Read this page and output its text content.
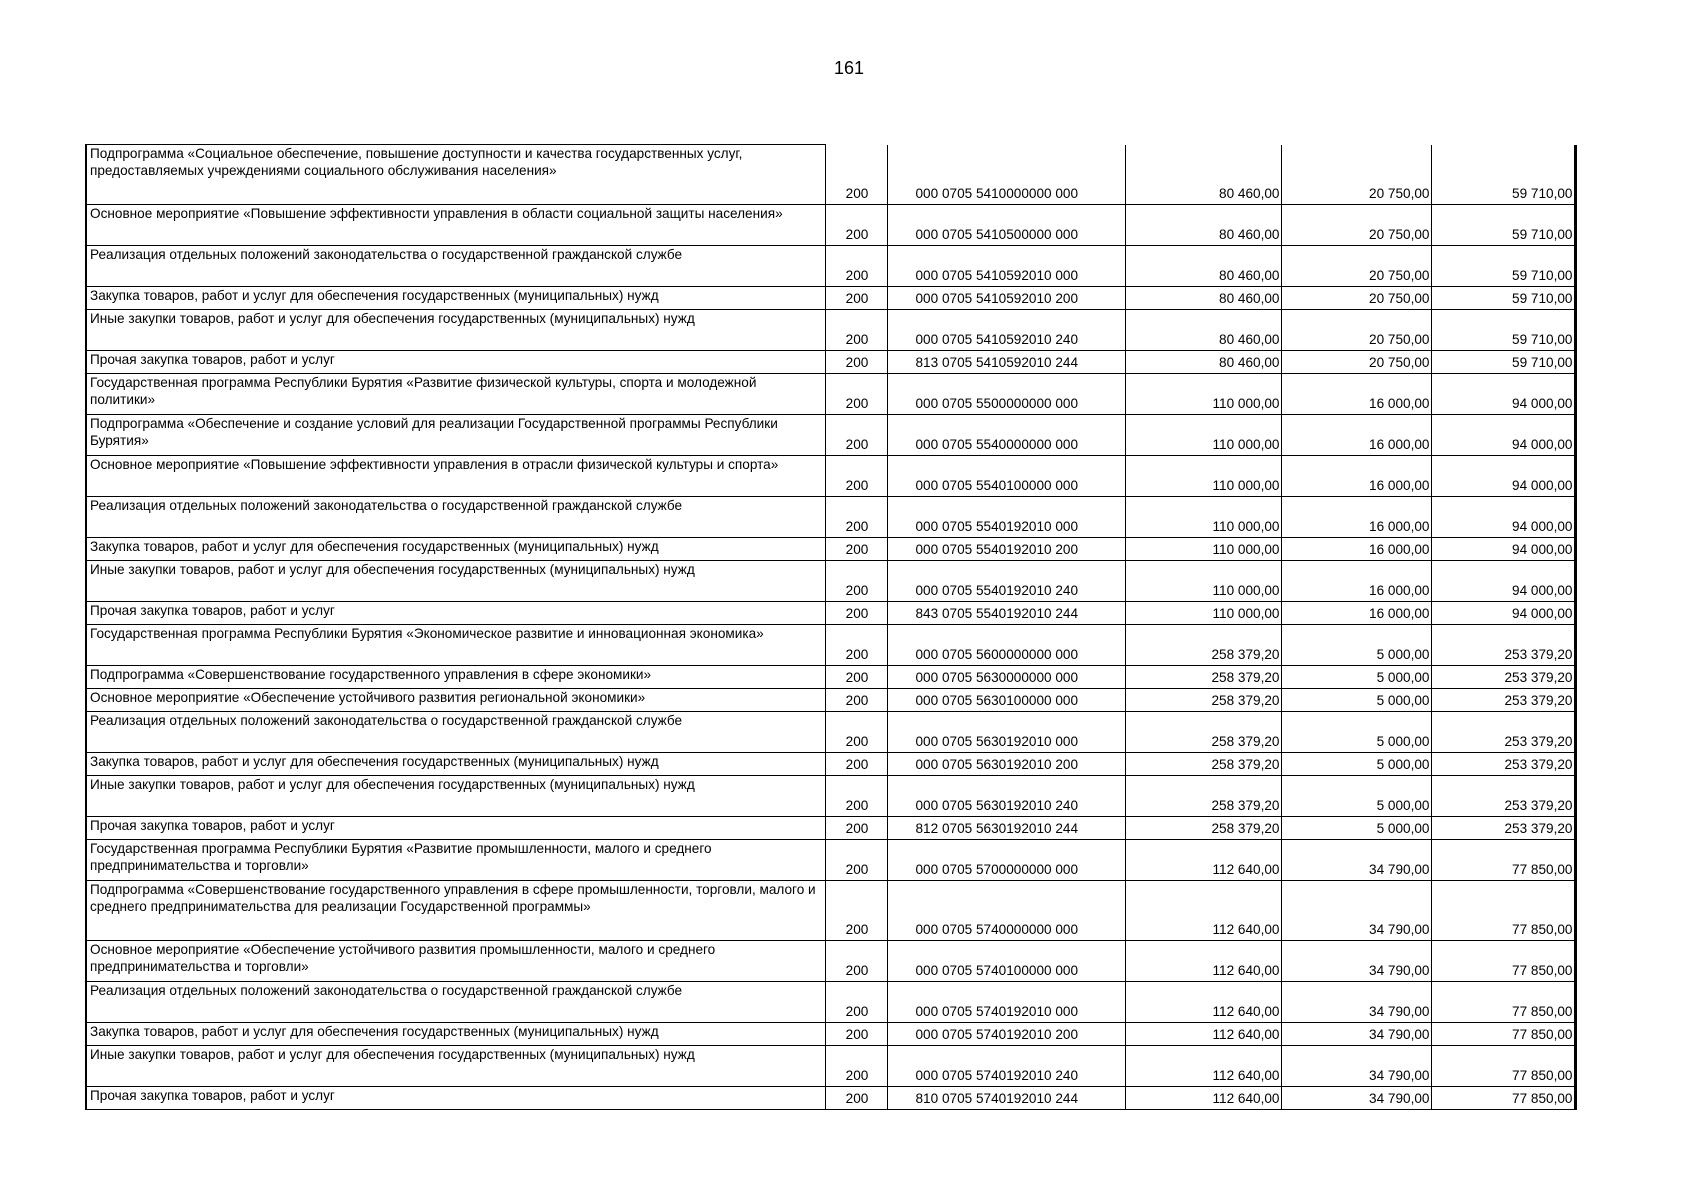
161
Подпрограмма «Социальное обеспечение, повышение доступности и качества государственных услуг, предоставляемых учреждениями социального обслуживания населения»	200	000 0705 5410000000 000	80 460,00	20 750,00	59 710,00
Основное мероприятие «Повышение эффективности управления в области социальной защиты населения»	200	000 0705 5410500000 000	80 460,00	20 750,00	59 710,00
Реализация отдельных положений законодательства о государственной гражданской службе	200	000 0705 5410592010 000	80 460,00	20 750,00	59 710,00
Закупка товаров, работ и услуг для обеспечения государственных (муниципальных) нужд	200	000 0705 5410592010 200	80 460,00	20 750,00	59 710,00
Иные закупки товаров, работ и услуг для обеспечения государственных (муниципальных) нужд	200	000 0705 5410592010 240	80 460,00	20 750,00	59 710,00
Прочая закупка товаров, работ и услуг	200	813 0705 5410592010 244	80 460,00	20 750,00	59 710,00
Государственная программа Республики Бурятия «Развитие физической культуры, спорта и молодежной политики»	200	000 0705 5500000000 000	110 000,00	16 000,00	94 000,00
Подпрограмма «Обеспечение и создание условий для реализации Государственной программы Республики Бурятия»	200	000 0705 5540000000 000	110 000,00	16 000,00	94 000,00
Основное мероприятие «Повышение эффективности управления в отрасли физической культуры и спорта»	200	000 0705 5540100000 000	110 000,00	16 000,00	94 000,00
Реализация отдельных положений законодательства о государственной гражданской службе	200	000 0705 5540192010 000	110 000,00	16 000,00	94 000,00
Закупка товаров, работ и услуг для обеспечения государственных (муниципальных) нужд	200	000 0705 5540192010 200	110 000,00	16 000,00	94 000,00
Иные закупки товаров, работ и услуг для обеспечения государственных (муниципальных) нужд	200	000 0705 5540192010 240	110 000,00	16 000,00	94 000,00
Прочая закупка товаров, работ и услуг	200	843 0705 5540192010 244	110 000,00	16 000,00	94 000,00
Государственная программа Республики Бурятия «Экономическое развитие и инновационная экономика»	200	000 0705 5600000000 000	258 379,20	5 000,00	253 379,20
Подпрограмма «Совершенствование государственного управления в сфере экономики»	200	000 0705 5630000000 000	258 379,20	5 000,00	253 379,20
Основное мероприятие «Обеспечение устойчивого развития региональной экономики»	200	000 0705 5630100000 000	258 379,20	5 000,00	253 379,20
Реализация отдельных положений законодательства о государственной гражданской службе	200	000 0705 5630192010 000	258 379,20	5 000,00	253 379,20
Закупка товаров, работ и услуг для обеспечения государственных (муниципальных) нужд	200	000 0705 5630192010 200	258 379,20	5 000,00	253 379,20
Иные закупки товаров, работ и услуг для обеспечения государственных (муниципальных) нужд	200	000 0705 5630192010 240	258 379,20	5 000,00	253 379,20
Прочая закупка товаров, работ и услуг	200	812 0705 5630192010 244	258 379,20	5 000,00	253 379,20
Государственная программа Республики Бурятия «Развитие промышленности, малого и среднего предпринимательства и торговли»	200	000 0705 5700000000 000	112 640,00	34 790,00	77 850,00
Подпрограмма «Совершенствование государственного управления в сфере промышленности, торговли, малого и среднего предпринимательства для реализации Государственной программы»	200	000 0705 5740000000 000	112 640,00	34 790,00	77 850,00
Основное мероприятие «Обеспечение устойчивого развития промышленности, малого и среднего предпринимательства и торговли»	200	000 0705 5740100000 000	112 640,00	34 790,00	77 850,00
Реализация отдельных положений законодательства о государственной гражданской службе	200	000 0705 5740192010 000	112 640,00	34 790,00	77 850,00
Закупка товаров, работ и услуг для обеспечения государственных (муниципальных) нужд	200	000 0705 5740192010 200	112 640,00	34 790,00	77 850,00
Иные закупки товаров, работ и услуг для обеспечения государственных (муниципальных) нужд	200	000 0705 5740192010 240	112 640,00	34 790,00	77 850,00
Прочая закупка товаров, работ и услуг	200	810 0705 5740192010 244	112 640,00	34 790,00	77 850,00
